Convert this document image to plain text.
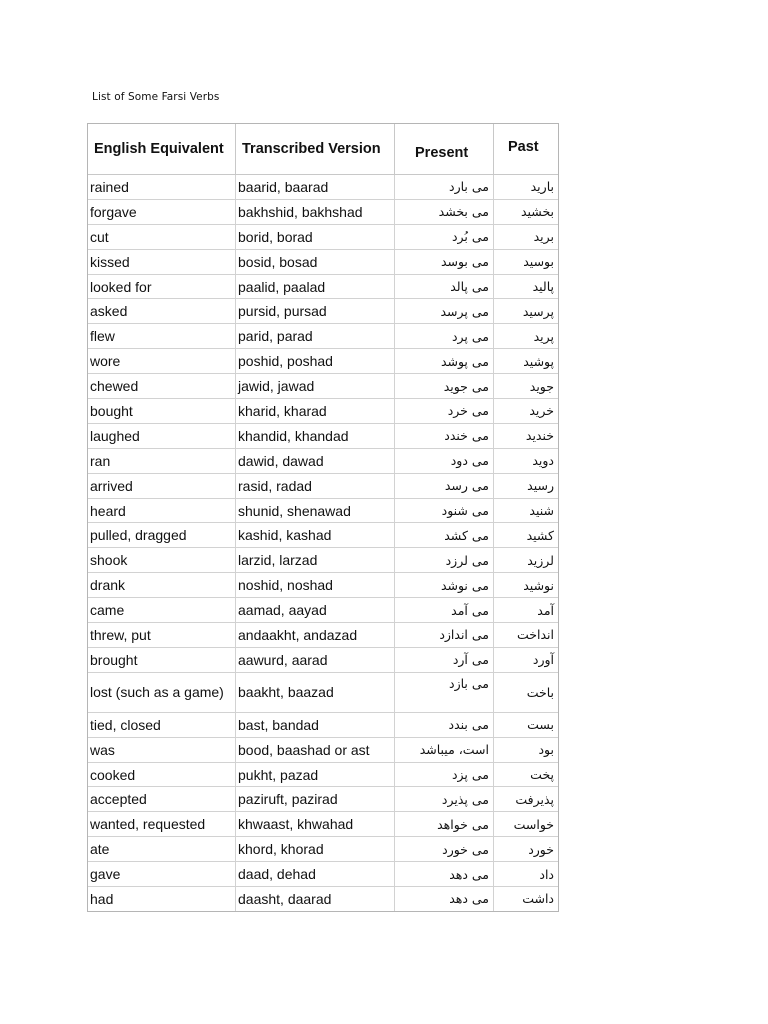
List of Some Farsi Verbs
English Equivalent	Transcribed Version	Present	Past
rained	baarid, baarad	می بارد	بارید
forgave	bakhshid, bakhshad	می بخشد	بخشید
cut	borid, borad	می بُرد	برید
kissed	bosid, bosad	می بوسد	بوسید
looked for	paalid, paalad	می پالد	پالید
asked	pursid, pursad	می پرسد	پرسید
flew	parid, parad	می پرد	پرید
wore	poshid, poshad	می پوشد	پوشید
chewed	jawid, jawad	می جوید	جوید
bought	kharid, kharad	می خرد	خرید
laughed	khandid, khandad	می خندد	خندید
ran	dawid, dawad	می دود	دوید
arrived	rasid, radad	می رسد	رسید
heard	shunid, shenawad	می شنود	شنید
pulled, dragged	kashid, kashad	می کشد	کشید
shook	larzid, larzad	می لرزد	لرزید
drank	noshid, noshad	می نوشد	نوشید
came	aamad, aayad	می آمد	آمد
threw, put	andaakht, andazad	می اندازد	انداخت
brought	aawurd, aarad	می آرد	آورد
lost (such as a game)	baakht, baazad	می بازد	باخت
tied, closed	bast, bandad	می بندد	بست
was	bood, baashad or ast	است، میباشد	بود
cooked	pukht, pazad	می پزد	پخت
accepted	paziruft, pazirad	می پذیرد	پذیرفت
wanted, requested	khwaast, khwahad	می خواهد	خواست
ate	khord, khorad	می خورد	خورد
gave	daad, dehad	می دهد	داد
had	daasht, daarad	می دهد	داشت
